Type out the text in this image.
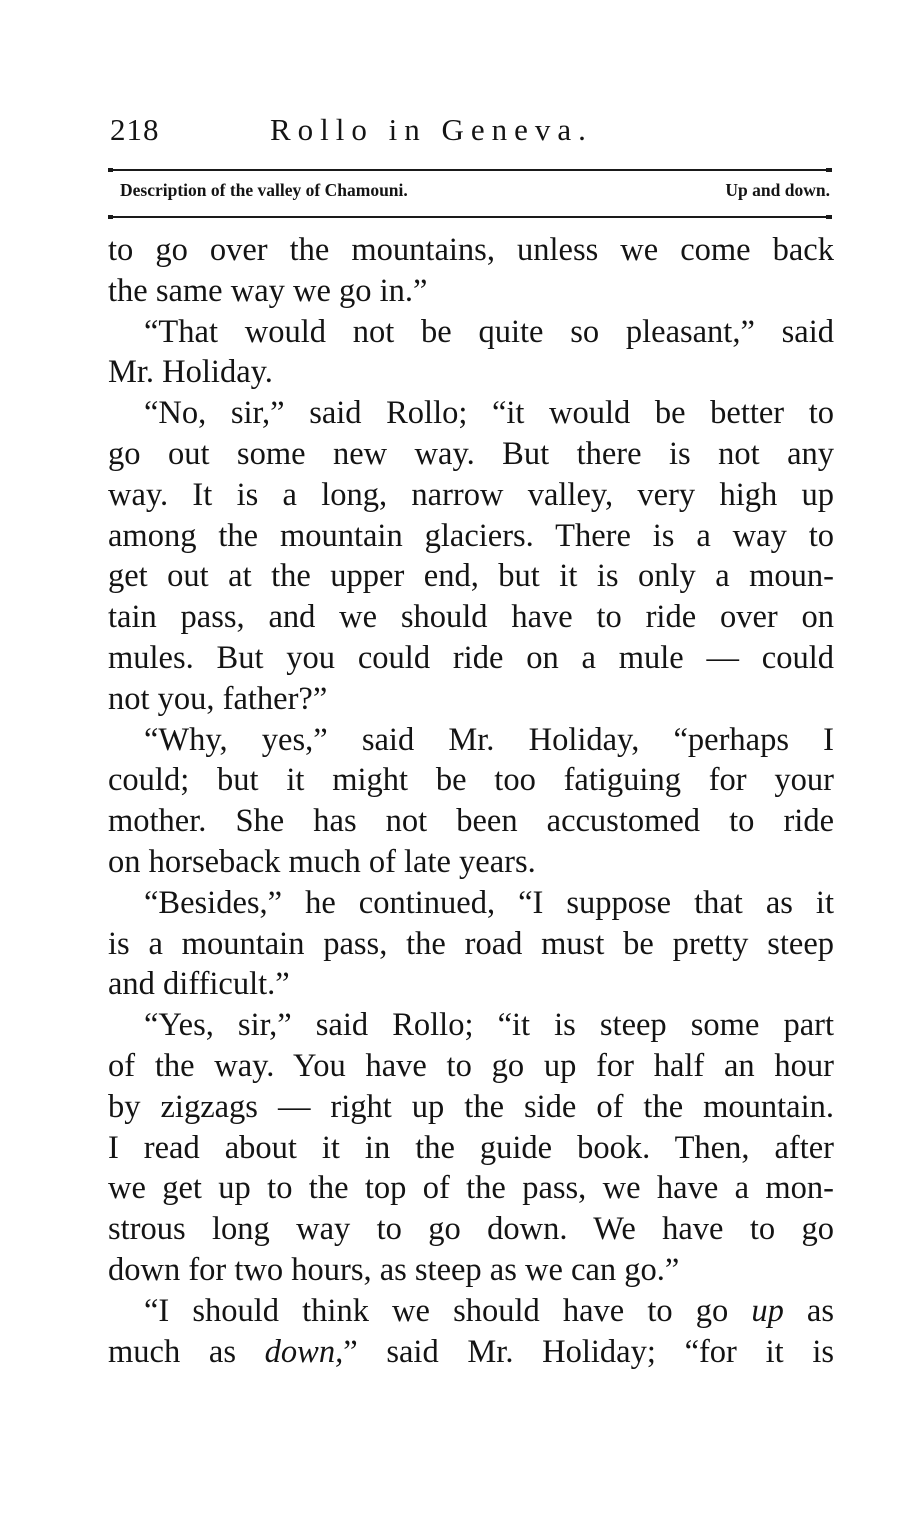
218	Rollo in Geneva.
Description of the valley of Chamouni.	Up and down.
to go over the mountains, unless we come back
the same way we go in.”
“That would not be quite so pleasant,” said
Mr. Holiday.
“No, sir,” said Rollo; “it would be better to
go out some new way. But there is not any
way. It is a long, narrow valley, very high up
among the mountain glaciers. There is a way to
get out at the upper end, but it is only a moun-
tain pass, and we should have to ride over on
mules. But you could ride on a mule — could
not you, father?”
“Why, yes,” said Mr. Holiday, “perhaps I
could; but it might be too fatiguing for your
mother. She has not been accustomed to ride
on horseback much of late years.
“Besides,” he continued, “I suppose that as it
is a mountain pass, the road must be pretty steep
and difficult.”
“Yes, sir,” said Rollo; “it is steep some part
of the way. You have to go up for half an hour
by zigzags — right up the side of the mountain.
I read about it in the guide book. Then, after
we get up to the top of the pass, we have a mon-
strous long way to go down. We have to go
down for two hours, as steep as we can go.”
“I should think we should have to go up as
much as down,” said Mr. Holiday; “for it is
